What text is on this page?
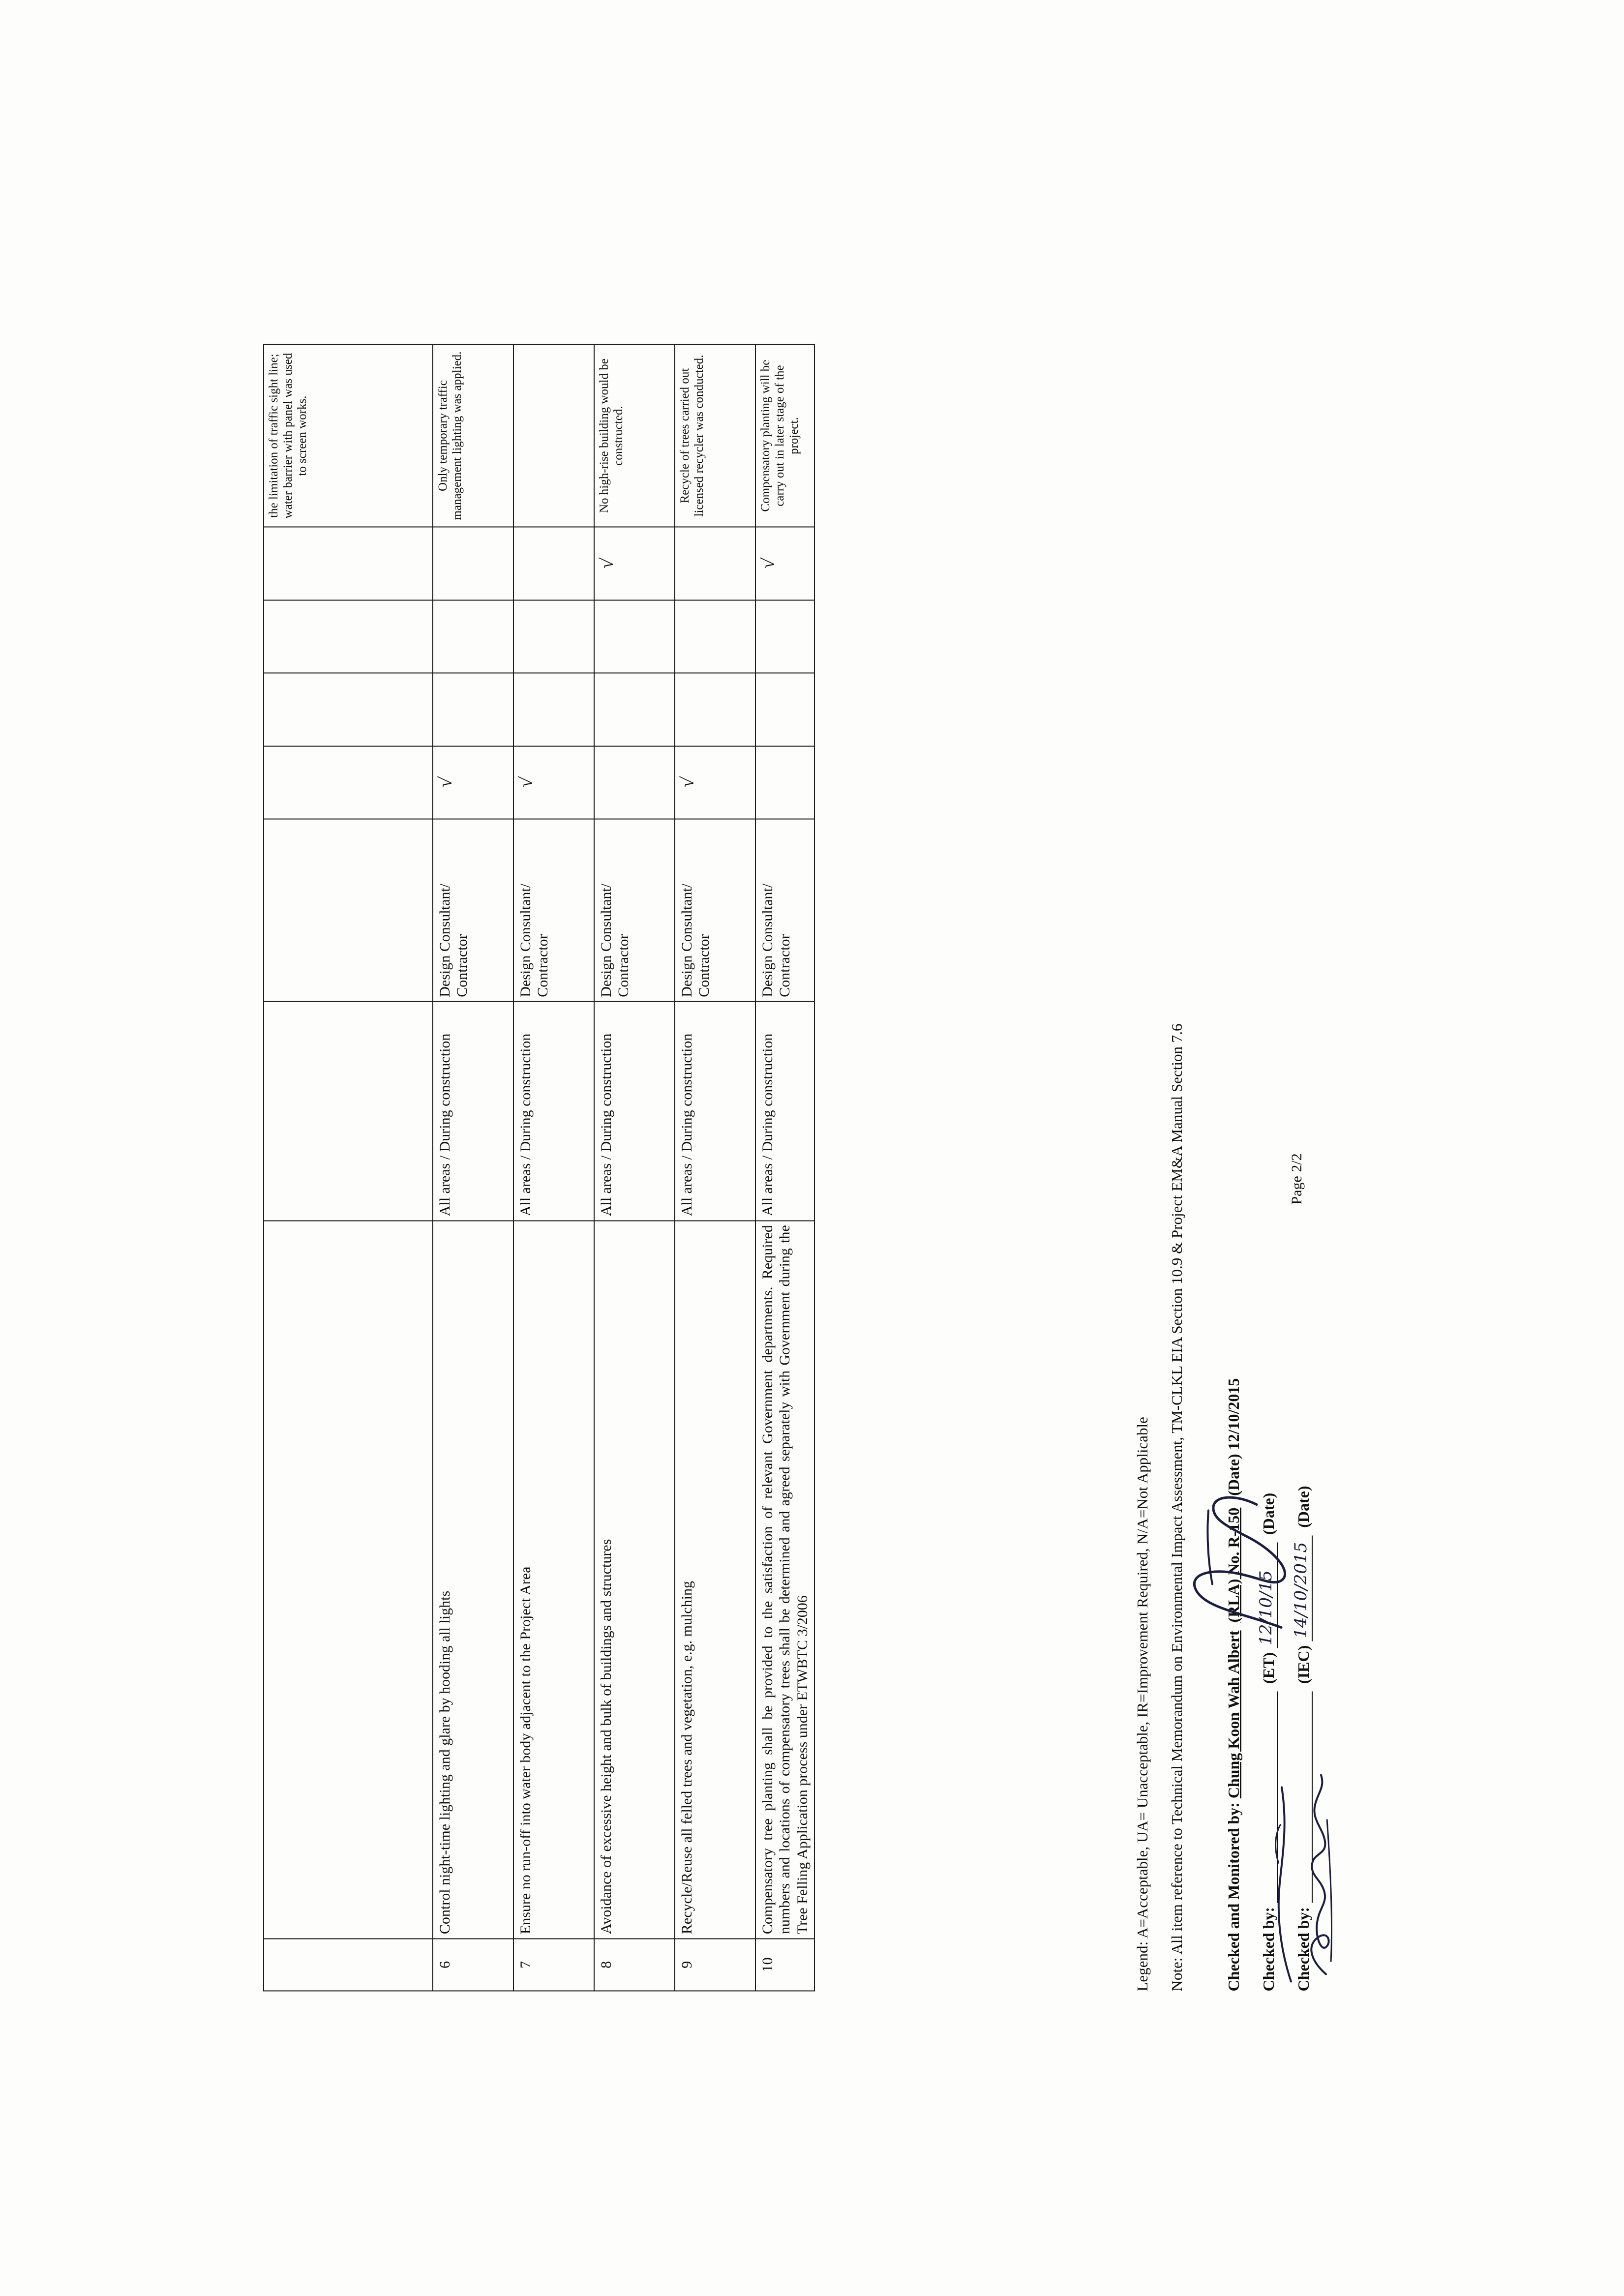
								the limitation of traffic sight line; water barrier with panel was used to screen works.
6	Control night-time lighting and glare by hooding all lights	All areas / During construction	Design Consultant/ Contractor	√				Only temporary traffic management lighting was applied.
7	Ensure no run-off into water body adjacent to the Project Area	All areas / During construction	Design Consultant/ Contractor	√				
8	Avoidance of excessive height and bulk of buildings and structures	All areas / During construction	Design Consultant/ Contractor				√	No high-rise building would be constructed.
9	Recycle/Reuse all felled trees and vegetation, e.g. mulching	All areas / During construction	Design Consultant/ Contractor	√				Recycle of trees carried out licensed recycler was conducted.
10	Compensatory tree planting shall be provided to the satisfaction of relevant Government departments. Required numbers and locations of compensatory trees shall be determined and agreed separately with Government during the Tree Felling Application process under ETWBTC 3/2006	All areas / During construction	Design Consultant/ Contractor				√	Compensatory planting will be carry out in later stage of the project.
Legend: A=Acceptable, UA= Unacceptable, IR=Improvement Required, N/A=Not Applicable Note: All item reference to Technical Memorandum on Environmental Impact Assessment, TM-CLKL EIA Section 10.9 & Project EM&A Manual Section 7.6	Checked and Monitored by: Chung Koon Wah Albert  (RLA) No. R-150   (Date) 12/10/2015
Checked by:   (ET)
12/10/15
(Date)
Checked by:   (IEC)
14/10/2015
(Date)
Page 2/2
